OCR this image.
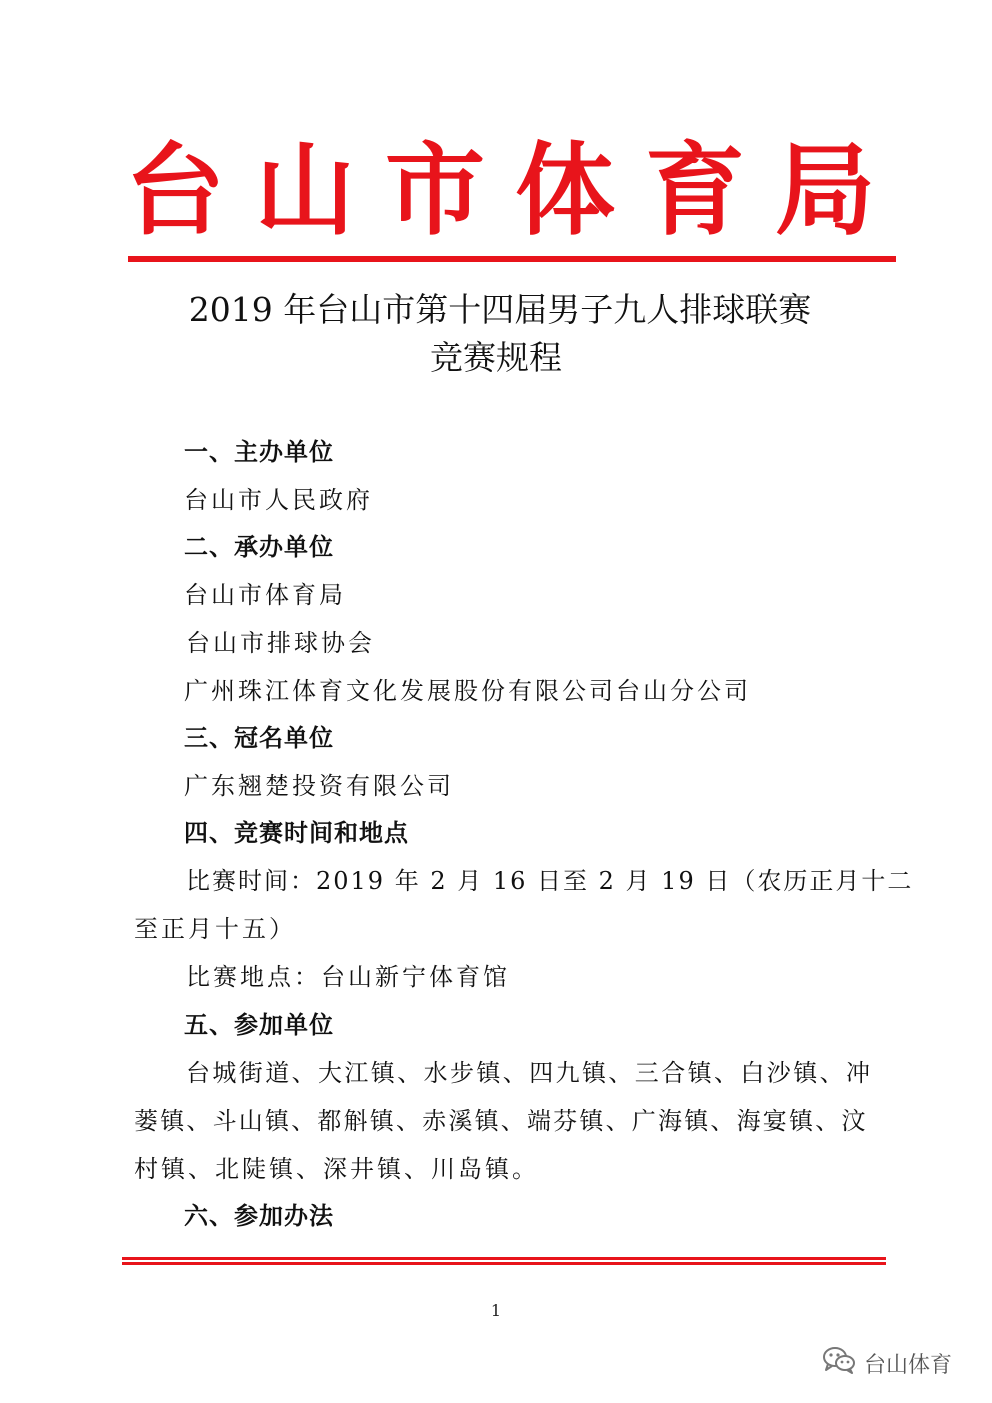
台 山 市 体 育 局
2019 年台山市第十四届男子九人排球联赛
竞赛规程
一、主办单位
台山市人民政府
二、承办单位
台山市体育局
台山市排球协会
广州珠江体育文化发展股份有限公司台山分公司
三、冠名单位
广东翘楚投资有限公司
四、竞赛时间和地点
比赛时间：2019 年 2 月 16 日至 2 月 19 日（农历正月十二
至正月十五）
比赛地点：台山新宁体育馆
五、参加单位
台城街道、大江镇、水步镇、四九镇、三合镇、白沙镇、冲
蒌镇、斗山镇、都斛镇、赤溪镇、端芬镇、广海镇、海宴镇、汶
村镇、北陡镇、深井镇、川岛镇。
六、参加办法
1
台山体育
